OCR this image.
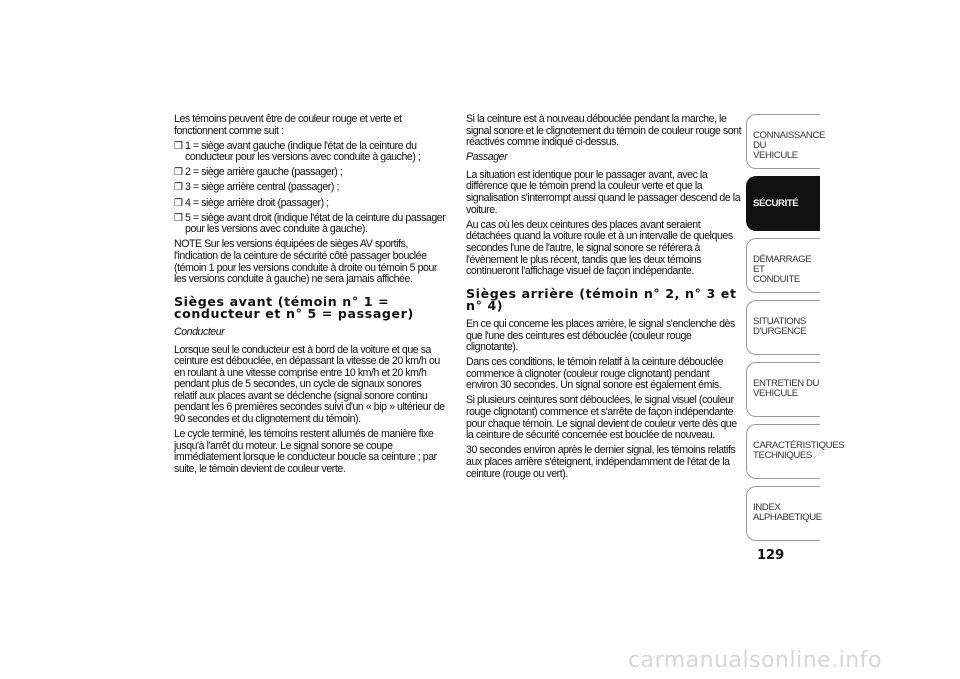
Les témoins peuvent être de couleur rouge et verte et fonctionnent comme suit :

❒ 1 = siège avant gauche (indique l'état de la ceinture du conducteur pour les versions avec conduite à gauche) ;
❒ 2 = siège arrière gauche (passager) ;
❒ 3 = siège arrière central (passager) ;
❒ 4 = siège arrière droit (passager) ;
❒ 5 = siège avant droit (indique l'état de la ceinture du passager pour les versions avec conduite à gauche).

NOTE Sur les versions équipées de sièges AV sportifs, l'indication de la ceinture de sécurité côté passager bouclée (témoin 1 pour les versions conduite à droite ou témoin 5 pour les versions conduite à gauche) ne sera jamais affichée.

Sièges avant (témoin n° 1 = conducteur et n° 5 = passager)

Conducteur

Lorsque seul le conducteur est à bord de la voiture et que sa ceinture est débouclée, en dépassant la vitesse de 20 km/h ou en roulant à une vitesse comprise entre 10 km/h et 20 km/h pendant plus de 5 secondes, un cycle de signaux sonores relatif aux places avant se déclenche (signal sonore continu pendant les 6 premières secondes suivi d'un « bip » ultérieur de 90 secondes et du clignotement du témoin).

Le cycle terminé, les témoins restent allumés de manière fixe jusqu'à l'arrêt du moteur. Le signal sonore se coupe immédiatement lorsque le conducteur boucle sa ceinture ; par suite, le témoin devient de couleur verte.

Si la ceinture est à nouveau débouclée pendant la marche, le signal sonore et le clignotement du témoin de couleur rouge sont réactivés comme indiqué ci-dessus.

Passager

La situation est identique pour le passager avant, avec la différence que le témoin prend la couleur verte et que la signalisation s'interrompt aussi quand le passager descend de la voiture.

Au cas où les deux ceintures des places avant seraient détachées quand la voiture roule et à un intervalle de quelques secondes l'une de l'autre, le signal sonore se référera à l'évènement le plus récent, tandis que les deux témoins continueront l'affichage visuel de façon indépendante.

Sièges arrière (témoin n° 2, n° 3 et n° 4)

En ce qui concerne les places arrière, le signal s'enclenche dès que l'une des ceintures est débouclée (couleur rouge clignotante).

Dans ces conditions, le témoin relatif à la ceinture débouclée commence à clignoter (couleur rouge clignotant) pendant environ 30 secondes. Un signal sonore est également émis.

Si plusieurs ceintures sont débouclées, le signal visuel (couleur rouge clignotant) commence et s'arrête de façon indépendante pour chaque témoin. Le signal devient de couleur verte dès que la ceinture de sécurité concernée est bouclée de nouveau.

30 secondes environ après le dernier signal, les témoins relatifs aux places arrière s'éteignent, indépendamment de l'état de la ceinture (rouge ou vert).

CONNAISSANCE DU
VEHICULE
SÉCURITÉ
DÉMARRAGE ET
CONDUITE
SITUATIONS
D'URGENCE
ENTRETIEN DU
VEHICULE
CARACTÉRISTIQUES
TECHNIQUES
INDEX
ALPHABETIQUE
129
carmanualsonline.info
